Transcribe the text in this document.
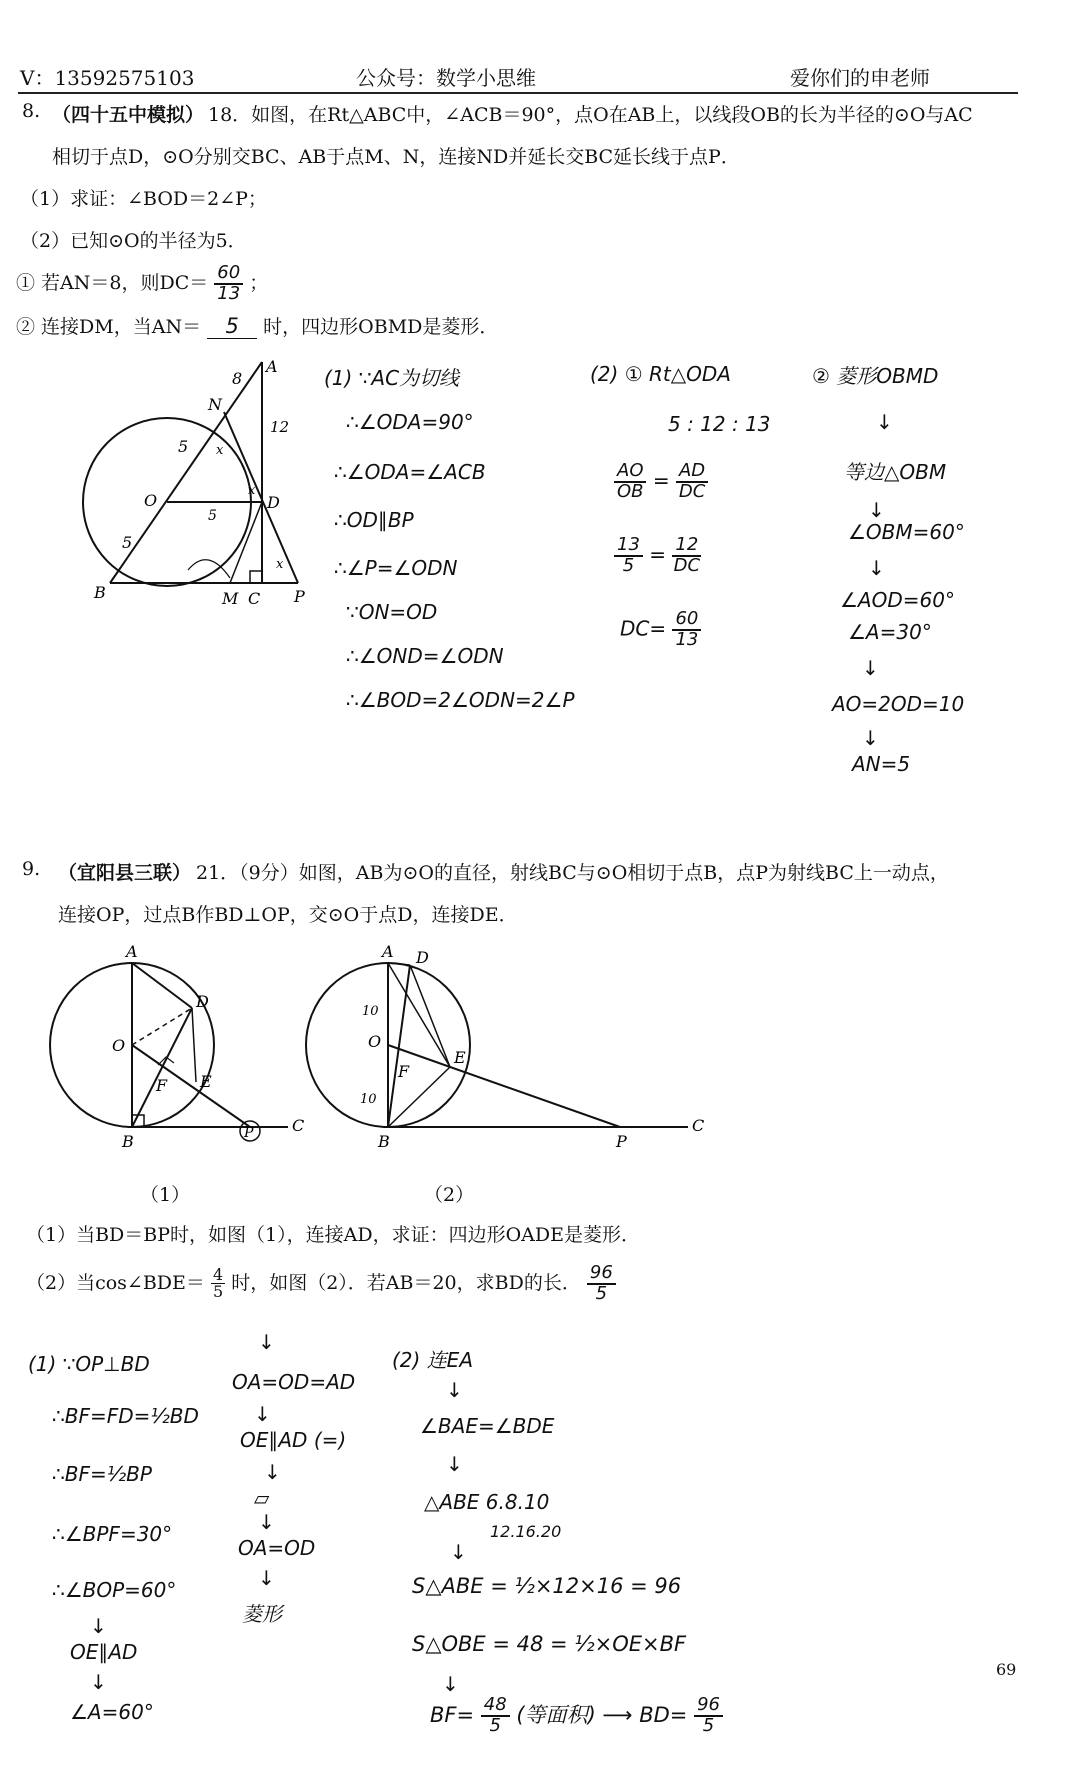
V：13592575103	公众号：数学小思维	爱你们的申老师
8. （四十五中模拟） 18．如图，在Rt△ABC中，∠ACB＝90°，点O在AB上，以线段OB的长为半径的⊙O与AC
相切于点D，⊙O分别交BC、AB于点M、N，连接ND并延长交BC延长线于点P．
（1）求证：∠BOD＝2∠P；
（2）已知⊙O的半径为5．
① 若AN＝8，则$DC= \frac{60}{13}$ ；
② 连接DM，当AN＝ 5 时，四边形OBMD是菱形．
A
N
O	D
B	M C P
8
5
5
5
12
x
x
x
(1) ∵AC为切线
∴∠ODA=90°
∴∠ODA=∠ACB
∴OD∥BP
∴∠P=∠ODN
∵ON=OD
∴∠OND=∠ODN
∴∠BOD=2∠ODN=2∠P
(2) ① Rt△ODA
5 : 12 : 13
$\frac{AO}{OB} = \frac{AD}{DC}$
$\frac{13}{5} = \frac{12}{DC}$
$DC= \frac{60}{13}$
② 菱形OBMD
↓
等边△OBM
↓
∠OBM=60°
↓
∠AOD=60°
∠A=30°
↓
AO=2OD=10
↓
AN=5
9. （宜阳县三联） 21．（9分）如图，AB为⊙O的直径，射线BC与⊙O相切于点B，点P为射线BC上一动点，
连接OP，过点B作BD⊥OP，交⊙O于点D，连接DE．
A
D
O
F E
B	P C
（1）
A D
O
F
E
B	P
C
10
10
（2）
（1）当BD＝BP时，如图（1），连接AD，求证：四边形OADE是菱形．
（2）当cos∠BDE＝ $\frac{4}{5}$ 时，如图（2）．若AB＝20，求BD的长． $\frac{96}{5}$
(1) ∵OP⊥BD
∴BF=FD=½BD
∴BF=½BP
∴∠BPF=30°
∴∠BOP=60°
↓
OE∥AD
↓
∠A=60°
↓
OA=OD=AD
↓
OE∥AD (=)
↓
▱
↓
OA=OD
↓
菱形
(2) 连EA
↓
∠BAE=∠BDE
↓
△ABE 6.8.10
12.16.20
↓
S△ABE = ½×12×16 = 96
S△OBE = 48 = ½×OE×BF
↓
$BF= \frac{48}{5}$ (等面积) ⟶ $BD= \frac{96}{5}$
69
